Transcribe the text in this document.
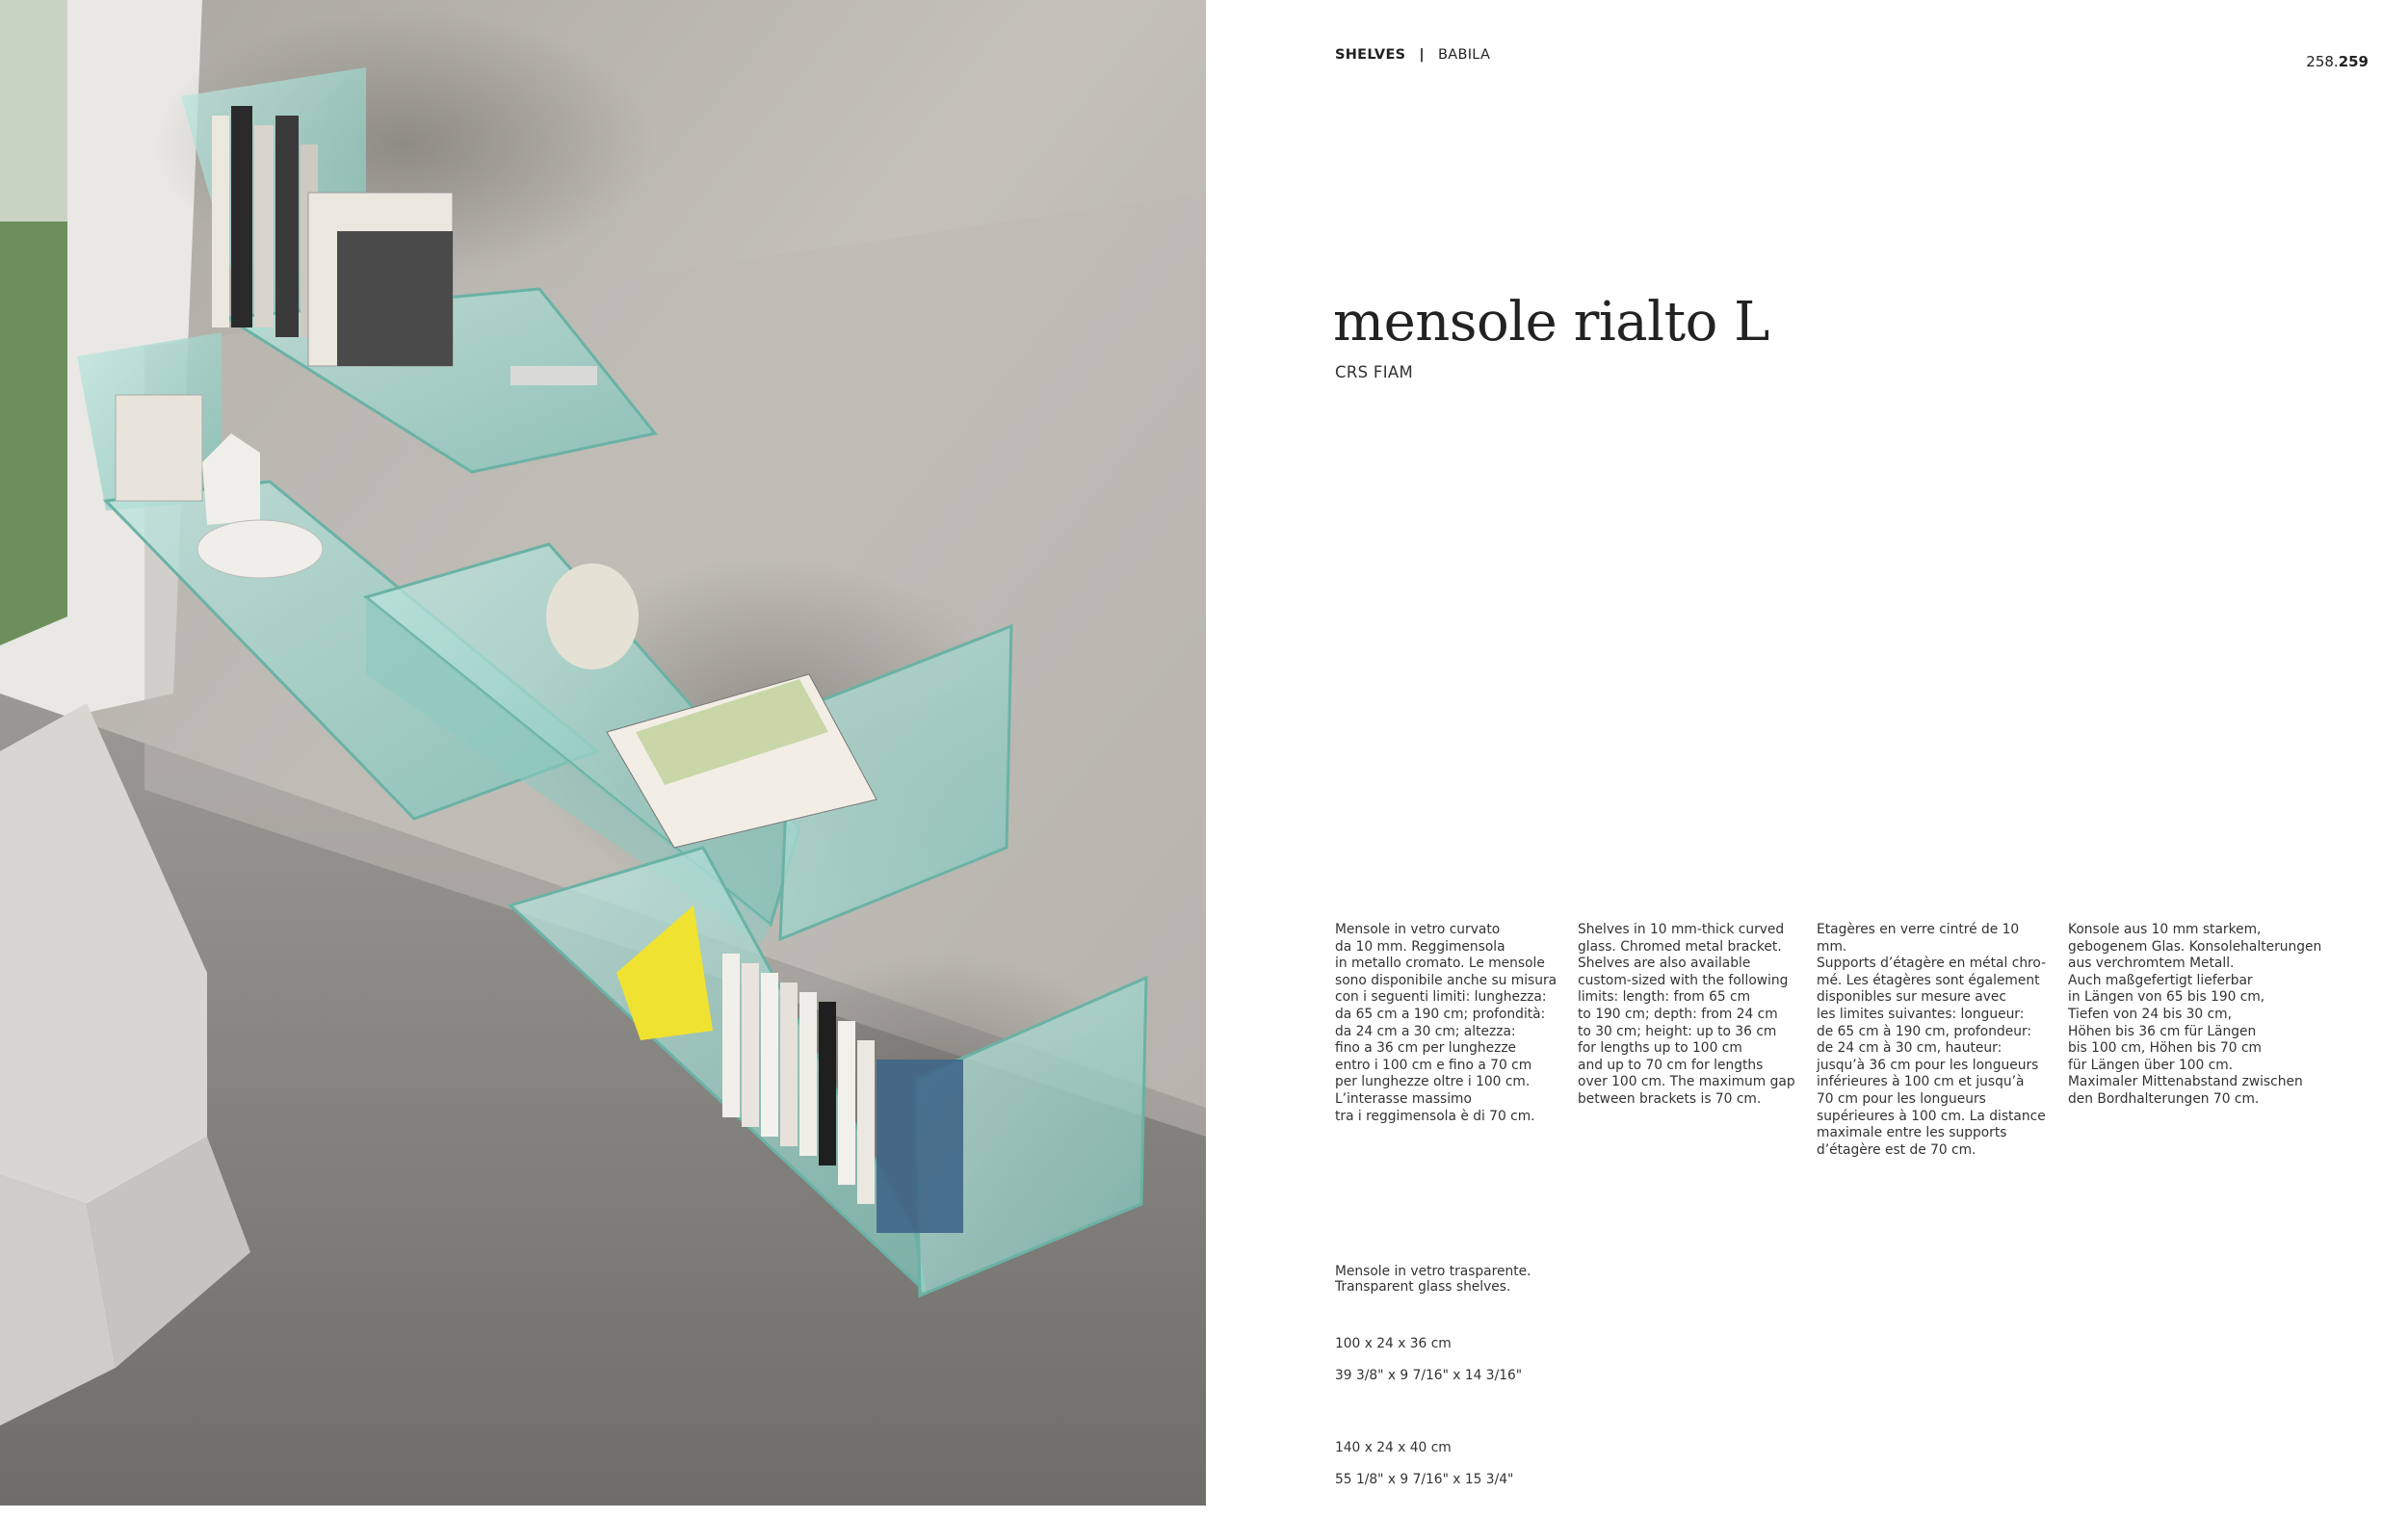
SHELVES | BABILA	258.259
mensole rialto L
CRS FIAM
Mensole in vetro curvato
da 10 mm. Reggimensola
in metallo cromato. Le mensole
sono disponibile anche su misura
con i seguenti limiti: lunghezza:
da 65 cm a 190 cm; profondità:
da 24 cm a 30 cm; altezza:
fino a 36 cm per lunghezze
entro i 100 cm e fino a 70 cm
per lunghezze oltre i 100 cm.
L’interasse massimo
tra i reggimensola è di 70 cm.
Shelves in 10 mm-thick curved
glass. Chromed metal bracket.
Shelves are also available
custom-sized with the following
limits: length: from 65 cm
to 190 cm; depth: from 24 cm
to 30 cm; height: up to 36 cm
for lengths up to 100 cm
and up to 70 cm for lengths
over 100 cm. The maximum gap
between brackets is 70 cm.
Etagères en verre cintré de 10 mm.
Supports d’étagère en métal chro-
mé. Les étagères sont également
disponibles sur mesure avec
les limites suivantes: longueur:
de 65 cm à 190 cm, profondeur:
de 24 cm à 30 cm, hauteur:
jusqu’à 36 cm pour les longueurs
inférieures à 100 cm et jusqu’à
70 cm pour les longueurs
supérieures à 100 cm. La distance
maximale entre les supports
d’étagère est de 70 cm.
Konsole aus 10 mm starkem,
gebogenem Glas. Konsolehalterungen
aus verchromtem Metall.
Auch maßgefertigt lieferbar
in Längen von 65 bis 190 cm,
Tiefen von 24 bis 30 cm,
Höhen bis 36 cm für Längen
bis 100 cm, Höhen bis 70 cm
für Längen über 100 cm.
Maximaler Mittenabstand zwischen
den Bordhalterungen 70 cm.

Mensole in vetro trasparente.
Transparent glass shelves.

100 x 24 x 36 cm

39 3/8" x 9 7/16" x 14 3/16"

140 x 24 x 40 cm

55 1/8" x 9 7/16" x 15 3/4"
